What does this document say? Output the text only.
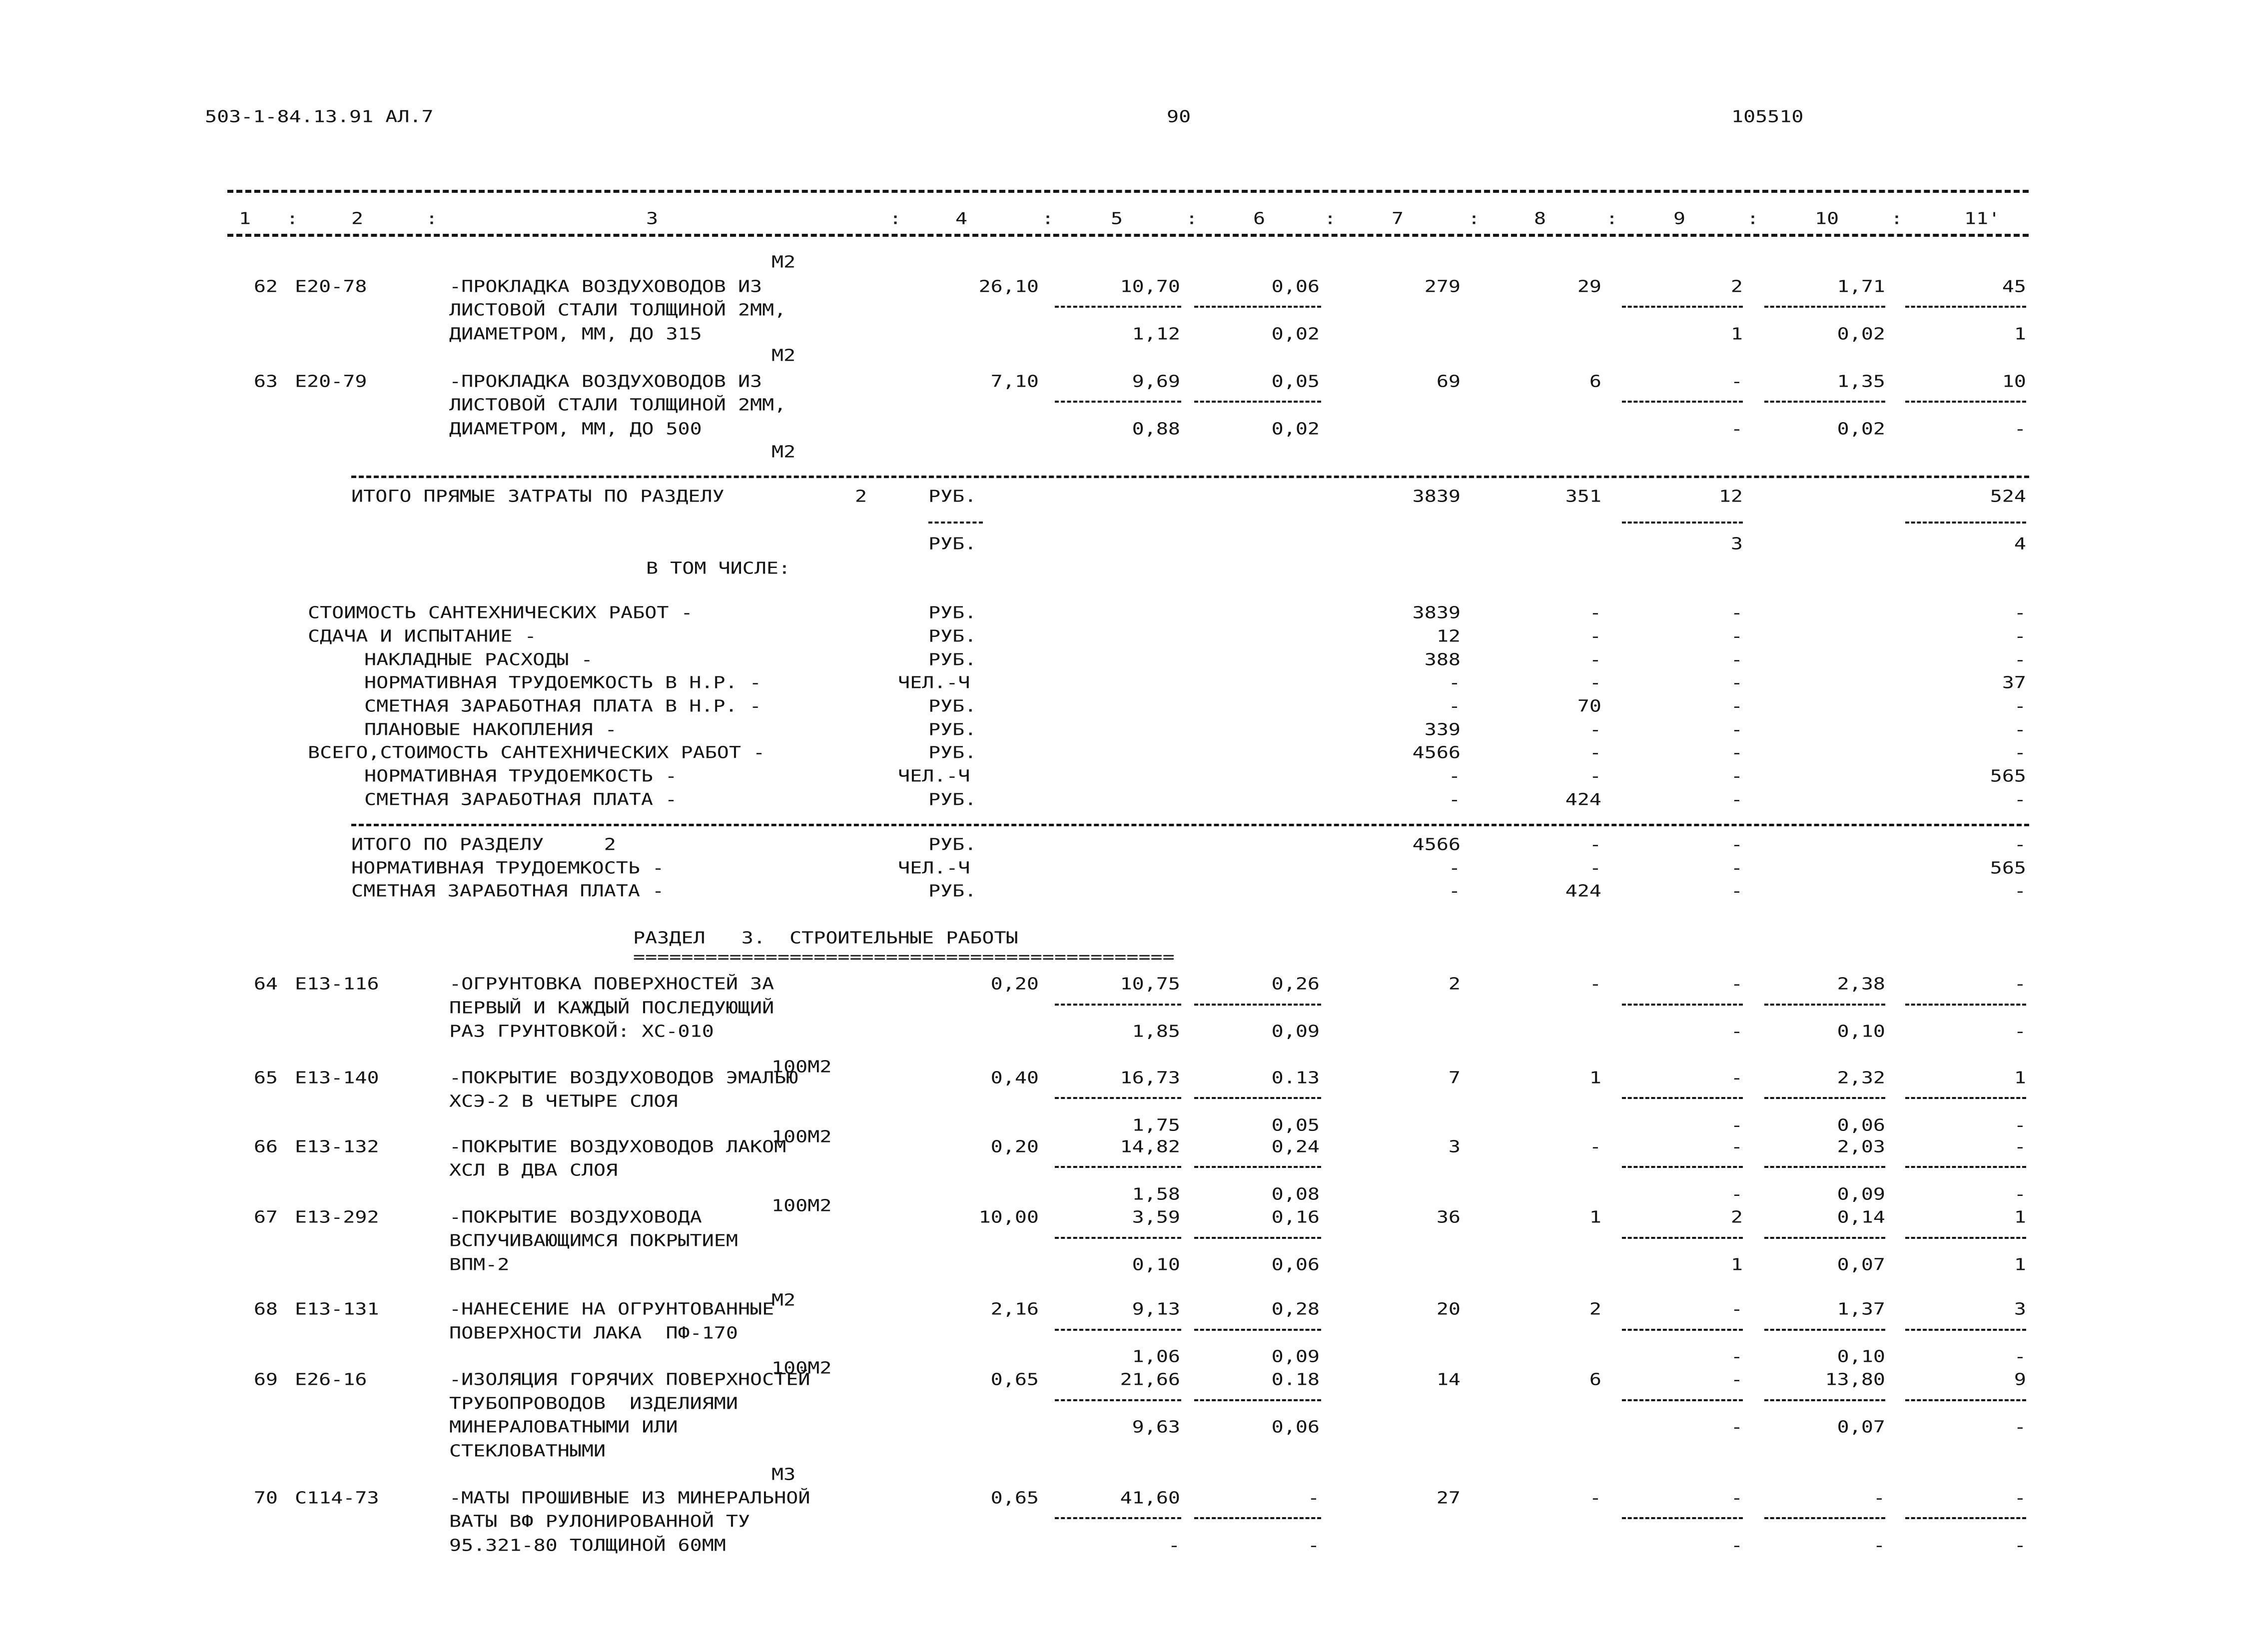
503-1-84.13.91 АЛ.7	90	105510
1 :	2	:	3	:	4	:	5	:	6	:	7	:	8	:	9	:	10	:	11'
М2
62 Е20-78	-ПРОКЛАДКА ВОЗДУХОВОДОВ ИЗ
ЛИСТОВОЙ СТАЛИ ТОЛЩИНОЙ 2ММ,
ДИАМЕТРОМ, ММ, ДО 315
26,10	10,70	0,06	279	29	2	1,71	45
1,12	0,02	1	0,02	1
М2
63 Е20-79	-ПРОКЛАДКА ВОЗДУХОВОДОВ ИЗ
ЛИСТОВОЙ СТАЛИ ТОЛЩИНОЙ 2ММ,
ДИАМЕТРОМ, ММ, ДО 500
7,10	9,69	0,05	69	6	-	1,35	10
0,88	0,02	-	0,02	-
М2
ИТОГО ПРЯМЫЕ ЗАТРАТЫ ПО РАЗДЕЛУ	2	РУБ.	3839	351	12	524
РУБ.	3	4
В ТОМ ЧИСЛЕ:
СТОИМОСТЬ САНТЕХНИЧЕСКИХ РАБОТ -	РУБ.	3839	-	-	-
СДАЧА И ИСПЫТАНИЕ -	РУБ.	12	-	-	-
НАКЛАДНЫЕ РАСХОДЫ -	РУБ.	388	-	-	-
НОРМАТИВНАЯ ТРУДОЕМКОСТЬ В Н.Р. -	ЧЕЛ.-Ч	-	-	-	37
СМЕТНАЯ ЗАРАБОТНАЯ ПЛАТА В Н.Р. -	РУБ.	-	70	-	-
ПЛАНОВЫЕ НАКОПЛЕНИЯ -	РУБ.	339	-	-	-
ВСЕГО,СТОИМОСТЬ САНТЕХНИЧЕСКИХ РАБОТ -	РУБ.	4566	-	-	-
НОРМАТИВНАЯ ТРУДОЕМКОСТЬ -	ЧЕЛ.-Ч	-	-	-	565
СМЕТНАЯ ЗАРАБОТНАЯ ПЛАТА -	РУБ.	-	424	-	-
ИТОГО ПО РАЗДЕЛУ     2	РУБ.	4566	-	-	-
НОРМАТИВНАЯ ТРУДОЕМКОСТЬ -	ЧЕЛ.-Ч	-	-	-	565
СМЕТНАЯ ЗАРАБОТНАЯ ПЛАТА -	РУБ.	-	424	-	-
РАЗДЕЛ   3.  СТРОИТЕЛЬНЫЕ РАБОТЫ
=============================================
64 Е13-116	-ОГРУНТОВКА ПОВЕРХНОСТЕЙ ЗА
ПЕРВЫЙ И КАЖДЫЙ ПОСЛЕДУЮЩИЙ
РАЗ ГРУНТОВКОЙ: ХС-010
0,20	10,75	0,26	2	-	-	2,38	-
1,85	0,09	-	0,10	-
100М2
65 Е13-140	-ПОКРЫТИЕ ВОЗДУХОВОДОВ ЭМАЛЬЮ
ХСЭ-2 В ЧЕТЫРЕ СЛОЯ
0,40	16,73	0.13	7	1	-	2,32	1
1,75	0,05	-	0,06	-
100М2
66 Е13-132	-ПОКРЫТИЕ ВОЗДУХОВОДОВ ЛАКОМ
ХСЛ В ДВА СЛОЯ
0,20	14,82	0,24	3	-	-	2,03	-
1,58	0,08	-	0,09	-
100М2
67 Е13-292	-ПОКРЫТИЕ ВОЗДУХОВОДА
ВСПУЧИВАЮЩИМСЯ ПОКРЫТИЕМ
ВПМ-2
10,00	3,59	0,16	36	1	2	0,14	1
0,10	0,06	1	0,07	1
М2
68 Е13-131	-НАНЕСЕНИЕ НА ОГРУНТОВАННЫЕ
ПОВЕРХНОСТИ ЛАКА  ПФ-170
2,16	9,13	0,28	20	2	-	1,37	3
1,06	0,09	-	0,10	-
100М2
69 Е26-16	-ИЗОЛЯЦИЯ ГОРЯЧИХ ПОВЕРХНОСТЕЙ
ТРУБОПРОВОДОВ  ИЗДЕЛИЯМИ
МИНЕРАЛОВАТНЫМИ ИЛИ
СТЕКЛОВАТНЫМИ
0,65	21,66	0.18	14	6	-	13,80	9
9,63	0,06	-	0,07	-
М3
70 С114-73	-МАТЫ ПРОШИВНЫЕ ИЗ МИНЕРАЛЬНОЙ
ВАТЫ ВФ РУЛОНИРОВАННОЙ ТУ
95.321-80 ТОЛЩИНОЙ 60ММ
0,65	41,60	-	27	-	-	-	-
-	-	-	-	-
